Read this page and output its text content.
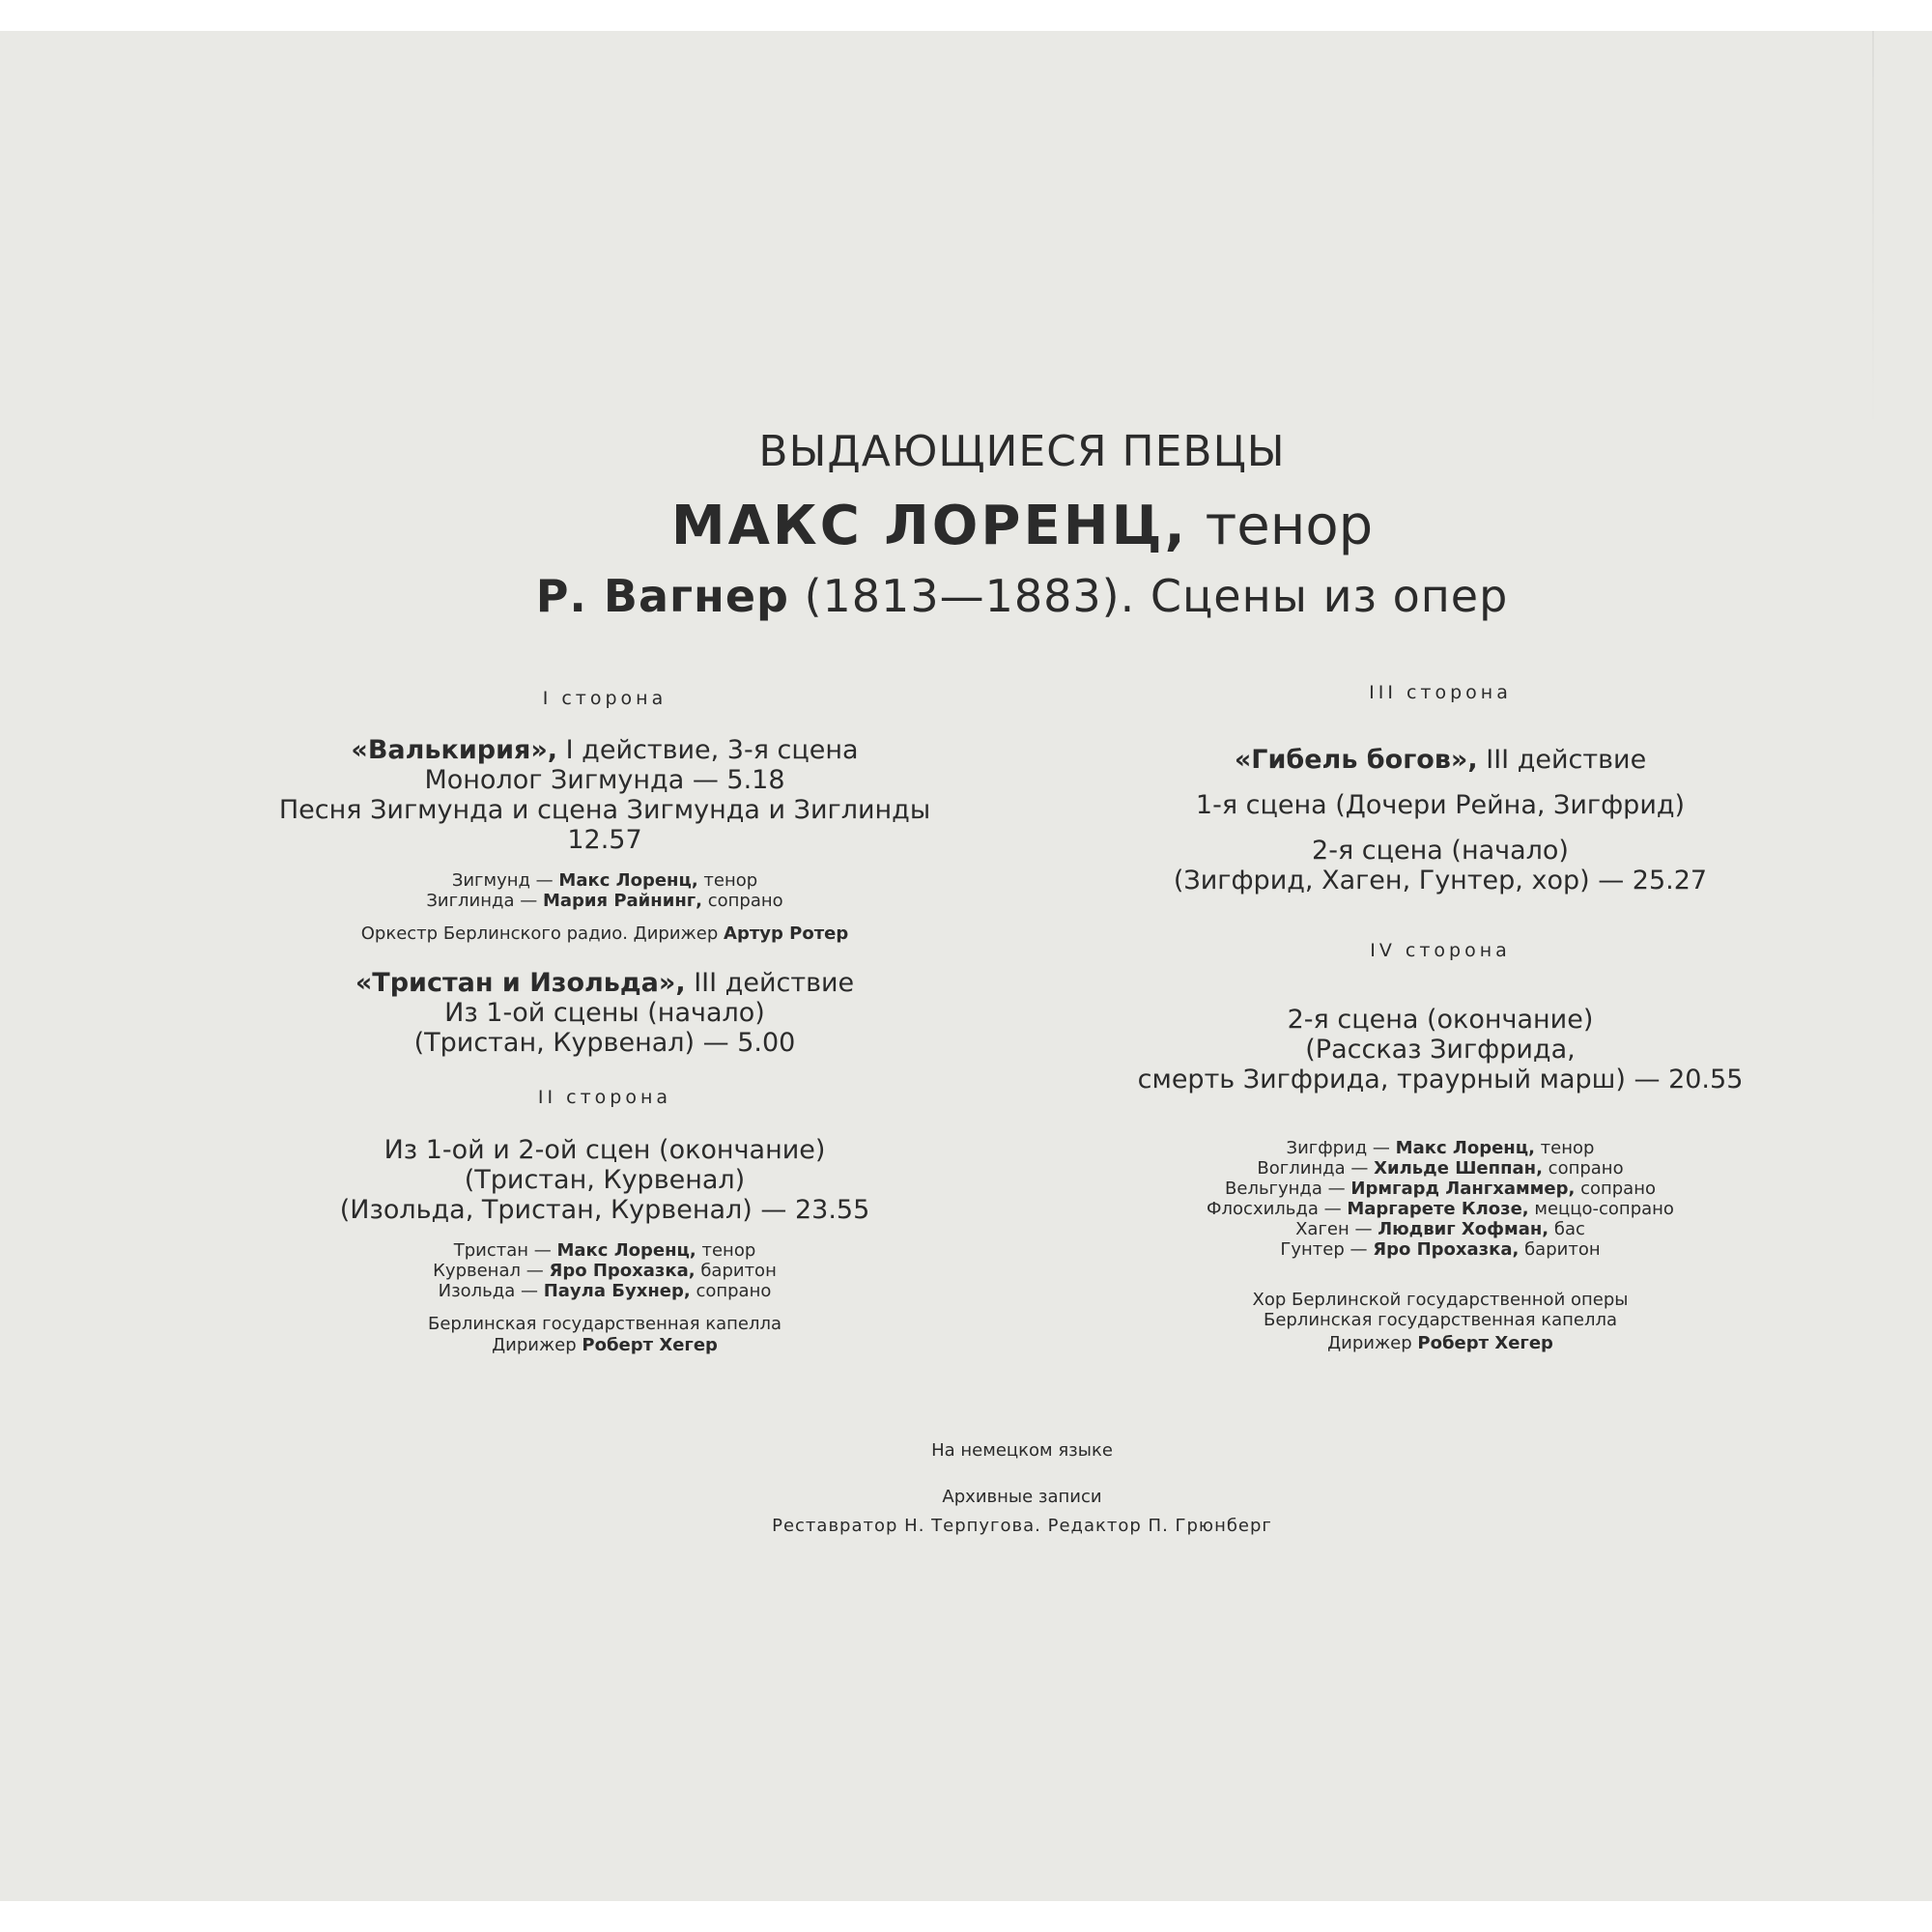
ВЫДАЮЩИЕСЯ ПЕВЦЫ
МАКС ЛОРЕНЦ, тенор
Р. Вагнер (1813—1883). Сцены из опер
I сторона
«Валькирия», I действие, 3-я сцена
Монолог Зигмунда — 5.18
Песня Зигмунда и сцена Зигмунда и Зиглинды
12.57
Зигмунд — Макс Лоренц, тенор
Зиглинда — Мария Райнинг, сопрано
Оркестр Берлинского радио. Дирижер Артур Ротер
«Тристан и Изольда», III действие
Из 1-ой сцены (начало)
(Тристан, Курвенал) — 5.00
II сторона
Из 1-ой и 2-ой сцен (окончание)
(Тристан, Курвенал)
(Изольда, Тристан, Курвенал) — 23.55
Тристан — Макс Лоренц, тенор
Курвенал — Яро Прохазка, баритон
Изольда — Паула Бухнер, сопрано
Берлинская государственная капелла
Дирижер Роберт Хегер
III сторона
«Гибель богов», III действие
1-я сцена (Дочери Рейна, Зигфрид)
2-я сцена (начало)
(Зигфрид, Хаген, Гунтер, хор) — 25.27
IV сторона
2-я сцена (окончание)
(Рассказ Зигфрида,
смерть Зигфрида, траурный марш) — 20.55
Зигфрид — Макс Лоренц, тенор
Воглинда — Хильде Шеппан, сопрано
Вельгунда — Ирмгард Лангхаммер, сопрано
Флосхильда — Маргарете Клозе, меццо-сопрано
Хаген — Людвиг Хофман, бас
Гунтер — Яро Прохазка, баритон
Хор Берлинской государственной оперы
Берлинская государственная капелла
Дирижер Роберт Хегер
На немецком языке
Архивные записи
Реставратор Н. Терпугова. Редактор П. Грюнберг
